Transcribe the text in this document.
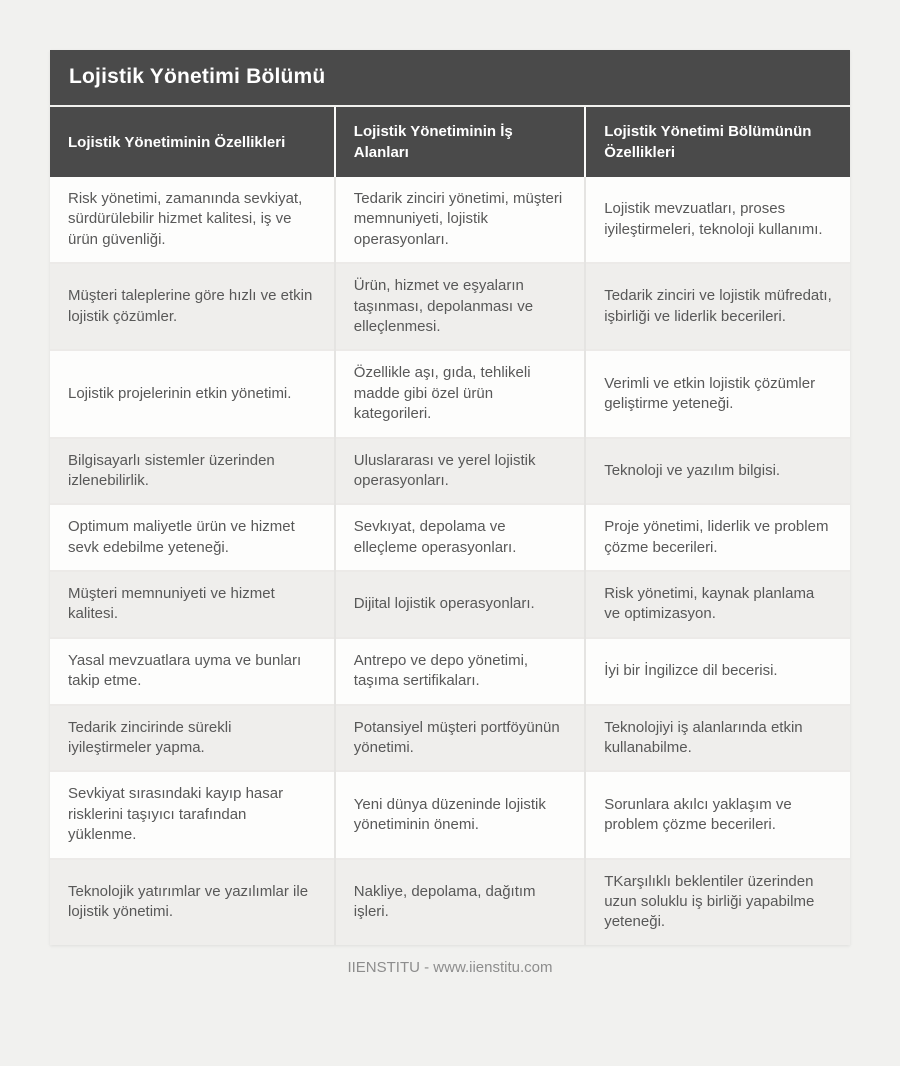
Lojistik Yönetimi Bölümü
Lojistik Yönetiminin Özellikleri	Lojistik Yönetiminin İş Alanları	Lojistik Yönetimi Bölümünün Özellikleri
Risk yönetimi, zamanında sevkiyat, sürdürülebilir hizmet kalitesi, iş ve ürün güvenliği.	Tedarik zinciri yönetimi, müşteri memnuniyeti, lojistik operasyonları.	Lojistik mevzuatları, proses iyileştirmeleri, teknoloji kullanımı.
Müşteri taleplerine göre hızlı ve etkin lojistik çözümler.	Ürün, hizmet ve eşyaların taşınması, depolanması ve elleçlenmesi.	Tedarik zinciri ve lojistik müfredatı, işbirliği ve liderlik becerileri.
Lojistik projelerinin etkin yönetimi.	Özellikle aşı, gıda, tehlikeli madde gibi özel ürün kategorileri.	Verimli ve etkin lojistik çözümler geliştirme yeteneği.
Bilgisayarlı sistemler üzerinden izlenebilirlik.	Uluslararası ve yerel lojistik operasyonları.	Teknoloji ve yazılım bilgisi.
Optimum maliyetle ürün ve hizmet sevk edebilme yeteneği.	Sevkıyat, depolama ve elleçleme operasyonları.	Proje yönetimi, liderlik ve problem çözme becerileri.
Müşteri memnuniyeti ve hizmet kalitesi.	Dijital lojistik operasyonları.	Risk yönetimi, kaynak planlama ve optimizasyon.
Yasal mevzuatlara uyma ve bunları takip etme.	Antrepo ve depo yönetimi, taşıma sertifikaları.	İyi bir İngilizce dil becerisi.
Tedarik zincirinde sürekli iyileştirmeler yapma.	Potansiyel müşteri portföyünün yönetimi.	Teknolojiyi iş alanlarında etkin kullanabilme.
Sevkiyat sırasındaki kayıp hasar risklerini taşıyıcı tarafından yüklenme.	Yeni dünya düzeninde lojistik yönetiminin önemi.	Sorunlara akılcı yaklaşım ve problem çözme becerileri.
Teknolojik yatırımlar ve yazılımlar ile lojistik yönetimi.	Nakliye, depolama, dağıtım işleri.	TKarşılıklı beklentiler üzerinden uzun soluklu iş birliği yapabilme yeteneği.
IIENSTITU - www.iienstitu.com
